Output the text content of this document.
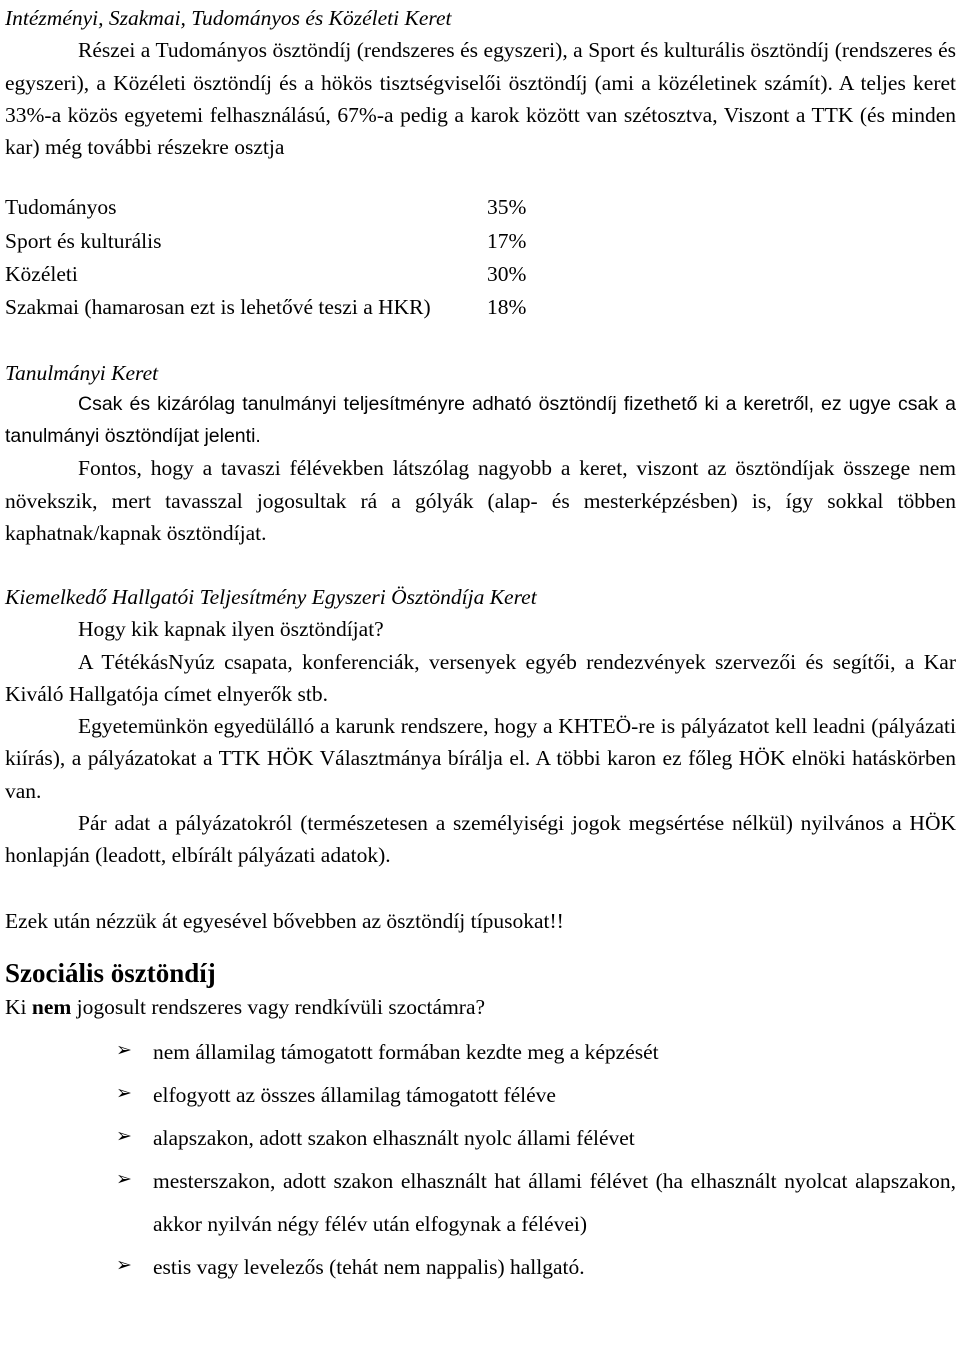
Intézményi, Szakmai, Tudományos és Közéleti Keret

Részei a Tudományos ösztöndíj (rendszeres és egyszeri), a Sport és kulturális ösztöndíj (rendszeres és egyszeri), a Közéleti ösztöndíj és a hökös tisztségviselői ösztöndíj (ami a közéletinek számít). A teljes keret 33%-a közös egyetemi felhasználású, 67%-a pedig a karok között van szétosztva, Viszont a TTK (és minden kar) még további részekre osztja

Tudományos	35%
Sport és kulturális	17%
Közéleti	30%
Szakmai (hamarosan ezt is lehetővé teszi a HKR)	18%

Tanulmányi Keret

Csak és kizárólag tanulmányi teljesítményre adható ösztöndíj fizethető ki a keretről, ez ugye csak a tanulmányi ösztöndíjat jelenti.

Fontos, hogy a tavaszi félévekben látszólag nagyobb a keret, viszont az ösztöndíjak összege nem növekszik, mert tavasszal jogosultak rá a gólyák (alap- és mesterképzésben) is, így sokkal többen kaphatnak/kapnak ösztöndíjat.

Kiemelkedő Hallgatói Teljesítmény Egyszeri Ösztöndíja Keret

Hogy kik kapnak ilyen ösztöndíjat?

A TétékásNyúz csapata, konferenciák, versenyek egyéb rendezvények szervezői és segítői, a Kar Kiváló Hallgatója címet elnyerők stb.

Egyetemünkön egyedülálló a karunk rendszere, hogy a KHTEÖ-re is pályázatot kell leadni (pályázati kiírás), a pályázatokat a TTK HÖK Választmánya bírálja el. A többi karon ez főleg HÖK elnöki hatáskörben van.

Pár adat a pályázatokról (természetesen a személyiségi jogok megsértése nélkül) nyilvános a HÖK honlapján (leadott, elbírált pályázati adatok).

Ezek után nézzük át egyesével bővebben az ösztöndíj típusokat!!

Szociális ösztöndíj

Ki nem jogosult rendszeres vagy rendkívüli szoctámra?

➢ nem államilag támogatott formában kezdte meg a képzését
➢ elfogyott az összes államilag támogatott féléve
➢ alapszakon, adott szakon elhasznált nyolc állami félévet
➢ mesterszakon, adott szakon elhasznált hat állami félévet (ha elhasznált nyolcat alapszakon, akkor nyilván négy félév után elfogynak a félévei)
➢ estis vagy levelezős (tehát nem nappalis) hallgató.
